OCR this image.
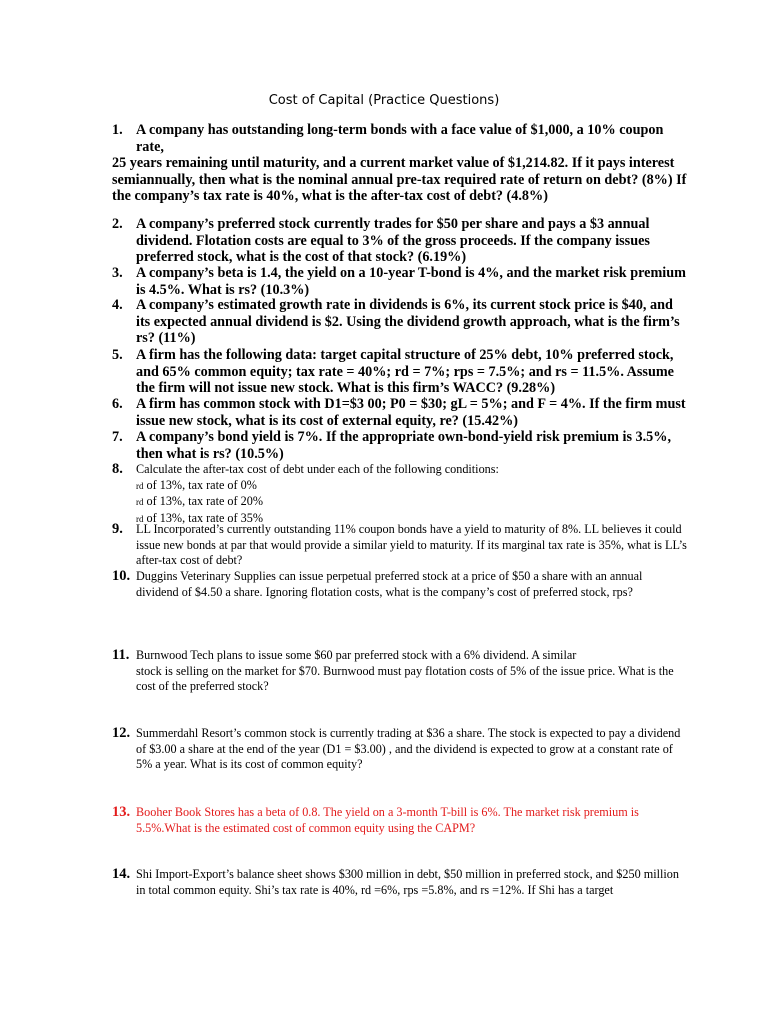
Cost of Capital (Practice Questions)
1. A company has outstanding long-term bonds with a face value of $1,000, a 10% coupon
rate,
25 years remaining until maturity, and a current market value of $1,214.82. If it pays interest semiannually, then what is the nominal annual pre-tax required rate of return on debt? (8%) If the company’s tax rate is 40%, what is the after-tax cost of debt? (4.8%)
2. A company’s preferred stock currently trades for $50 per share and pays a $3 annual dividend. Flotation costs are equal to 3% of the gross proceeds. If the company issues preferred stock, what is the cost of that stock? (6.19%)
3. A company’s beta is 1.4, the yield on a 10-year T-bond is 4%, and the market risk premium is 4.5%. What is rs? (10.3%)
4. A company’s estimated growth rate in dividends is 6%, its current stock price is $40, and its expected annual dividend is $2. Using the dividend growth approach, what is the firm’s rs? (11%)
5. A firm has the following data: target capital structure of 25% debt, 10% preferred stock, and 65% common equity; tax rate = 40%; rd = 7%; rps = 7.5%; and rs = 11.5%. Assume the firm will not issue new stock. What is this firm’s WACC? (9.28%)
6. A firm has common stock with D1=$3 00; P0 = $30; gL = 5%; and F = 4%. If the firm must issue new stock, what is its cost of external equity, re? (15.42%)
7. A company’s bond yield is 7%. If the appropriate own-bond-yield risk premium is 3.5%, then what is rs? (10.5%)
8. Calculate the after-tax cost of debt under each of the following conditions:
rd of 13%, tax rate of 0%
rd of 13%, tax rate of 20%
rd of 13%, tax rate of 35%
9. LL Incorporated’s currently outstanding 11% coupon bonds have a yield to maturity of 8%. LL believes it could issue new bonds at par that would provide a similar yield to maturity. If its marginal tax rate is 35%, what is LL’s after-tax cost of debt?
10. Duggins Veterinary Supplies can issue perpetual preferred stock at a price of $50 a share with an annual dividend of $4.50 a share. Ignoring flotation costs, what is the company’s cost of preferred stock, rps?
11. Burnwood Tech plans to issue some $60 par preferred stock with a 6% dividend. A similar
stock is selling on the market for $70. Burnwood must pay flotation costs of 5% of the issue price. What is the cost of the preferred stock?
12. Summerdahl Resort’s common stock is currently trading at $36 a share. The stock is expected to pay a dividend of $3.00 a share at the end of the year (D1 = $3.00) , and the dividend is expected to grow at a constant rate of 5% a year. What is its cost of common equity?
13. Booher Book Stores has a beta of 0.8. The yield on a 3-month T-bill is 6%. The market risk premium is 5.5%.What is the estimated cost of common equity using the CAPM?
14. Shi Import-Export’s balance sheet shows $300 million in debt, $50 million in preferred stock, and $250 million in total common equity. Shi’s tax rate is 40%, rd =6%, rps =5.8%, and rs =12%. If Shi has a target
